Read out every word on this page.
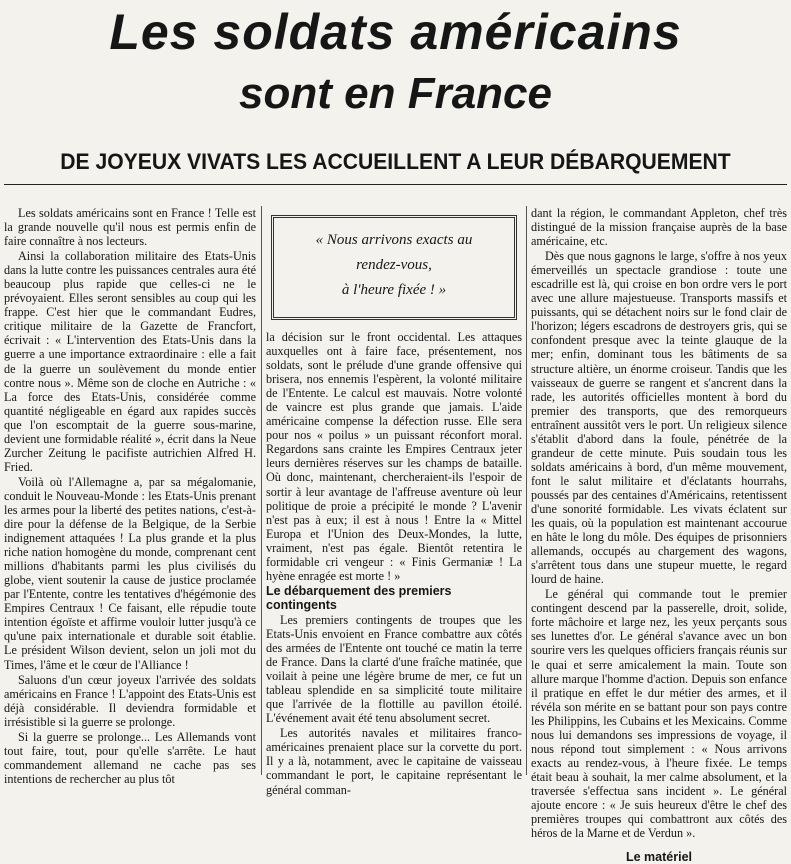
Les soldats américains
sont en France
DE JOYEUX VIVATS LES ACCUEILLENT A LEUR DÉBARQUEMENT

Les soldats américains sont en France ! Telle est la grande nouvelle qu'il nous est permis enfin de faire connaître à nos lecteurs.

Ainsi la collaboration militaire des Etats-Unis dans la lutte contre les puissances centrales aura été beaucoup plus rapide que celles-ci ne le prévoyaient. Elles seront sensibles au coup qui les frappe. C'est hier que le commandant Eudres, critique militaire de la Gazette de Francfort, écrivait : « L'intervention des Etats-Unis dans la guerre a une importance extraordinaire : elle a fait de la guerre un soulèvement du monde entier contre nous ». Même son de cloche en Autriche : « La force des Etats-Unis, considérée comme quantité négligeable en égard aux rapides succès que l'on escomptait de la guerre sous-marine, devient une formidable réalité », écrit dans la Neue Zurcher Zeitung le pacifiste autrichien Alfred H. Fried.

Voilà où l'Allemagne a, par sa mégalomanie, conduit le Nouveau-Monde : les Etats-Unis prenant les armes pour la liberté des petites nations, c'est-à-dire pour la défense de la Belgique, de la Serbie indignement attaquées ! La plus grande et la plus riche nation homogène du monde, comprenant cent millions d'habitants parmi les plus civilisés du globe, vient soutenir la cause de justice proclamée par l'Entente, contre les tentatives d'hégémonie des Empires Centraux ! Ce faisant, elle répudie toute intention égoïste et affirme vouloir lutter jusqu'à ce qu'une paix internationale et durable soit établie. Le président Wilson devient, selon un joli mot du Times, l'âme et le cœur de l'Alliance !

Saluons d'un cœur joyeux l'arrivée des soldats américains en France ! L'appoint des Etats-Unis est déjà considérable. Il deviendra formidable et irrésistible si la guerre se prolonge.

Si la guerre se prolonge... Les Allemands vont tout faire, tout, pour qu'elle s'arrête. Le haut commandement allemand ne cache pas ses intentions de rechercher au plus tôt

« Nous arrivons exacts au
rendez-vous,
à l'heure fixée ! »

la décision sur le front occidental. Les attaques auxquelles ont à faire face, présentement, nos soldats, sont le prélude d'une grande offensive qui brisera, nos ennemis l'espèrent, la volonté militaire de l'Entente. Le calcul est mauvais. Notre volonté de vaincre est plus grande que jamais. L'aide américaine compense la défection russe. Elle sera pour nos « poilus » un puissant réconfort moral. Regardons sans crainte les Empires Centraux jeter leurs dernières réserves sur les champs de bataille. Où donc, maintenant, chercheraient-ils l'espoir de sortir à leur avantage de l'affreuse aventure où leur politique de proie a précipité le monde ? L'avenir n'est pas à eux; il est à nous ! Entre la « Mittel Europa et l'Union des Deux-Mondes, la lutte, vraiment, n'est pas égale. Bientôt retentira le formidable cri vengeur : « Finis Germaniæ ! La hyène enragée est morte ! »

Le débarquement des premiers contingents

Les premiers contingents de troupes que les Etats-Unis envoient en France combattre aux côtés des armées de l'Entente ont touché ce matin la terre de France. Dans la clarté d'une fraîche matinée, que voilait à peine une légère brume de mer, ce fut un tableau splendide en sa simplicité toute militaire que l'arrivée de la flottille au pavillon étoilé. L'événement avait été tenu absolument secret.

Les autorités navales et militaires franco-américaines prenaient place sur la corvette du port. Il y a là, notamment, avec le capitaine de vaisseau commandant le port, le capitaine représentant le général comman-

dant la région, le commandant Appleton, chef très distingué de la mission française auprès de la base américaine, etc.

Dès que nous gagnons le large, s'offre à nos yeux émerveillés un spectacle grandiose : toute une escadrille est là, qui croise en bon ordre vers le port avec une allure majestueuse. Transports massifs et puissants, qui se détachent noirs sur le fond clair de l'horizon; légers escadrons de destroyers gris, qui se confondent presque avec la teinte glauque de la mer; enfin, dominant tous les bâtiments de sa structure altière, un énorme croiseur. Tandis que les vaisseaux de guerre se rangent et s'ancrent dans la rade, les autorités officielles montent à bord du premier des transports, que des remorqueurs entraînent aussitôt vers le port. Un religieux silence s'établit d'abord dans la foule, pénétrée de la grandeur de cette minute. Puis soudain tous les soldats américains à bord, d'un même mouvement, font le salut militaire et d'éclatants hourrahs, poussés par des centaines d'Américains, retentissent d'une sonorité formidable. Les vivats éclatent sur les quais, où la population est maintenant accourue en hâte le long du môle. Des équipes de prisonniers allemands, occupés au chargement des wagons, s'arrêtent tous dans une stupeur muette, le regard lourd de haine.

Le général qui commande tout le premier contingent descend par la passerelle, droit, solide, forte mâchoire et large nez, les yeux perçants sous ses lunettes d'or. Le général s'avance avec un bon sourire vers les quelques officiers français réunis sur le quai et serre amicalement la main. Toute son allure marque l'homme d'action. Depuis son enfance il pratique en effet le dur métier des armes, et il révéla son mérite en se battant pour son pays contre les Philippins, les Cubains et les Mexicains. Comme nous lui demandons ses impressions de voyage, il nous répond tout simplement : « Nous arrivons exacts au rendez-vous, à l'heure fixée. Le temps était beau à souhait, la mer calme absolument, et la traversée s'effectua sans incident ». Le général ajoute encore : « Je suis heureux d'être le chef des premières troupes qui combattront aux côtés des héros de la Marne et de Verdun ».

Le matériel
